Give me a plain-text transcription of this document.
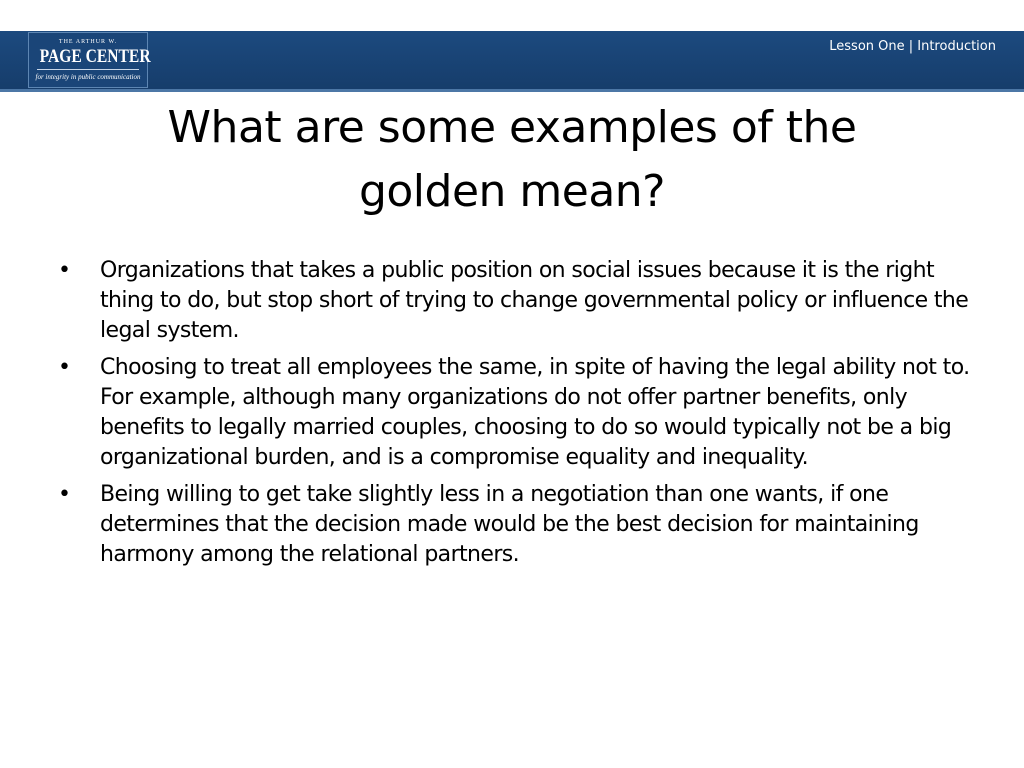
THE ARTHUR W.
PAGE CENTER
for integrity in public communication
Lesson One | Introduction
What are some examples of the golden mean?
• Organizations that takes a public position on social issues because it is the right thing to do, but stop short of trying to change governmental policy or influence the legal system.
• Choosing to treat all employees the same, in spite of having the legal ability not to. For example, although many organizations do not offer partner benefits, only benefits to legally married couples, choosing to do so would typically not be a big organizational burden, and is a compromise equality and inequality.
• Being willing to get take slightly less in a negotiation than one wants, if one determines that the decision made would be the best decision for maintaining harmony among the relational partners.
